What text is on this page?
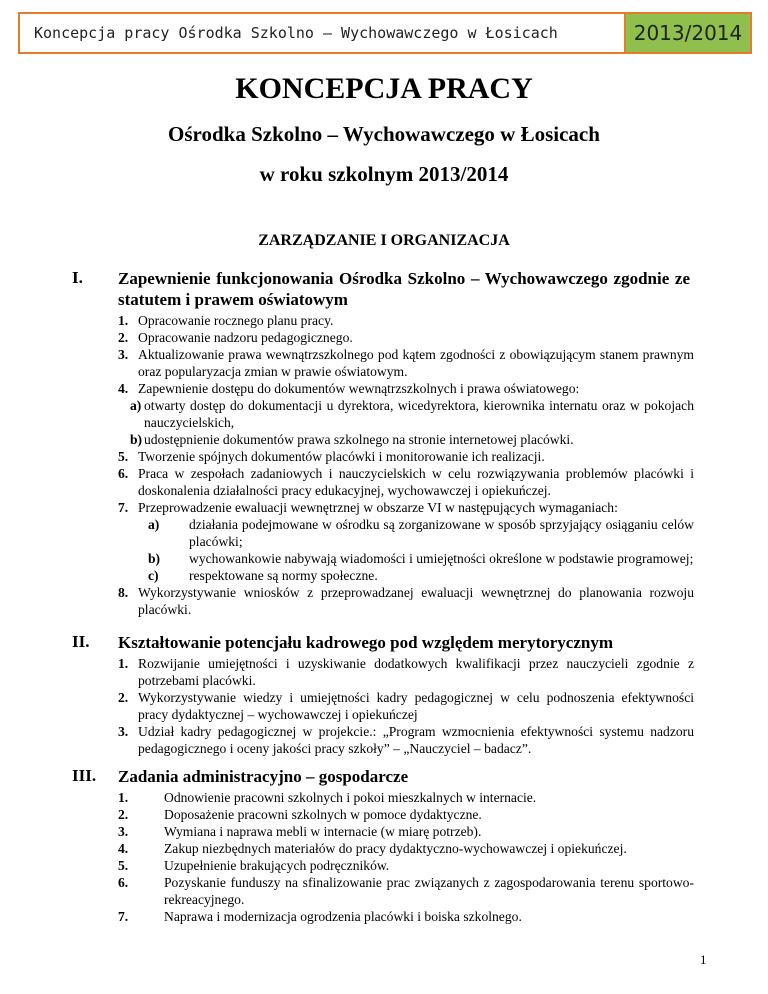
Koncepcja pracy Ośrodka Szkolno – Wychowawczego w Łosicach	2013/2014
KONCEPCJA PRACY
Ośrodka Szkolno – Wychowawczego w Łosicach
w roku szkolnym 2013/2014
ZARZĄDZANIE I ORGANIZACJA
I. Zapewnienie funkcjonowania Ośrodka Szkolno – Wychowawczego zgodnie ze statutem i prawem oświatowym
1. Opracowanie rocznego planu pracy.
2. Opracowanie nadzoru pedagogicznego.
3. Aktualizowanie prawa wewnątrzszkolnego pod kątem zgodności z obowiązującym stanem prawnym oraz popularyzacja zmian w prawie oświatowym.
4. Zapewnienie dostępu do dokumentów wewnątrzszkolnych i prawa oświatowego:
a) otwarty dostęp do dokumentacji u dyrektora, wicedyrektora, kierownika internatu oraz w pokojach nauczycielskich,
b) udostępnienie dokumentów prawa szkolnego na stronie internetowej placówki.
5. Tworzenie spójnych dokumentów placówki i monitorowanie ich realizacji.
6. Praca w zespołach zadaniowych i nauczycielskich w celu rozwiązywania problemów placówki i doskonalenia działalności pracy edukacyjnej, wychowawczej i opiekuńczej.
7. Przeprowadzenie ewaluacji wewnętrznej w obszarze VI w następujących wymaganiach:
a) działania podejmowane w ośrodku są zorganizowane w sposób sprzyjający osiąganiu celów placówki;
b) wychowankowie nabywają wiadomości i umiejętności określone w podstawie programowej;
c) respektowane są normy społeczne.
8. Wykorzystywanie wniosków z przeprowadzanej ewaluacji wewnętrznej do planowania rozwoju placówki.
II. Kształtowanie potencjału kadrowego pod względem merytorycznym
1. Rozwijanie umiejętności i uzyskiwanie dodatkowych kwalifikacji przez nauczycieli zgodnie z potrzebami placówki.
2. Wykorzystywanie wiedzy i umiejętności kadry pedagogicznej w celu podnoszenia efektywności pracy dydaktycznej – wychowawczej i opiekuńczej
3. Udział kadry pedagogicznej w projekcie.: „Program wzmocnienia efektywności systemu nadzoru pedagogicznego i oceny jakości pracy szkoły” – „Nauczyciel – badacz”.
III. Zadania administracyjno – gospodarcze
1.	Odnowienie pracowni szkolnych i pokoi mieszkalnych w internacie.
2.	Doposażenie pracowni szkolnych w pomoce dydaktyczne.
3.	Wymiana i naprawa mebli w internacie (w miarę potrzeb).
4.	Zakup niezbędnych materiałów do pracy dydaktyczno-wychowawczej i opiekuńczej.
5.	Uzupełnienie brakujących podręczników.
6.	Pozyskanie funduszy na sfinalizowanie prac związanych z zagospodarowania terenu sportowo-rekreacyjnego.
7.	Naprawa i modernizacja ogrodzenia placówki i boiska szkolnego.
1
